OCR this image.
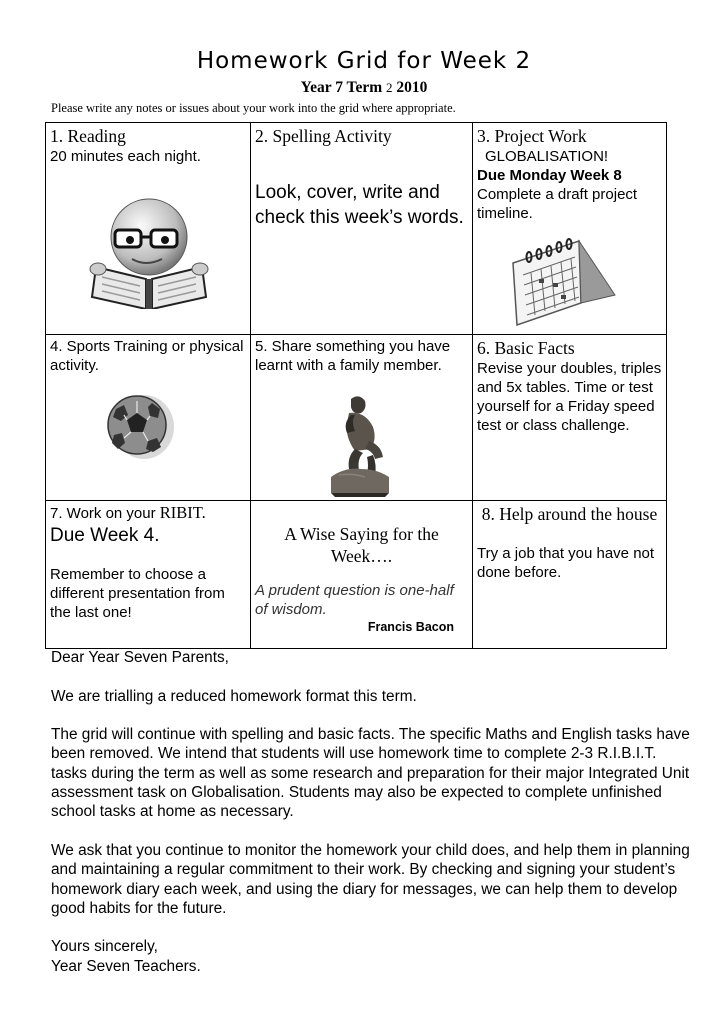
Homework Grid for Week 2
Year 7 Term 2 2010
Please write any notes or issues about your work into the grid where appropriate.
1. Reading
20 minutes each night.
2. Spelling Activity
Look, cover, write and check this week’s words.
3. Project Work
GLOBALISATION!
Due Monday Week 8
Complete a draft project timeline.
4. Sports Training or physical activity.
5. Share something you have learnt with a family member.
6. Basic Facts
Revise your doubles, triples and 5x tables. Time or test yourself for a Friday speed test or class challenge.
7. Work on your RIBIT.
Due Week 4.
Remember to choose a different presentation from the last one!
A Wise Saying for the Week….
A prudent question is one-half of wisdom.
Francis Bacon
8. Help around the house
Try a job that you have not done before.

Dear Year Seven Parents,

We are trialling a reduced homework format this term.

The grid will continue with spelling and basic facts. The specific Maths and English tasks have been removed. We intend that students will use homework time to complete 2-3 R.I.B.I.T. tasks during the term as well as some research and preparation for their major Integrated Unit assessment task on Globalisation. Students may also be expected to complete unfinished school tasks at home as necessary.

We ask that you continue to monitor the homework your child does, and help them in planning and maintaining a regular commitment to their work. By checking and signing your student’s homework diary each week, and using the diary for messages, we can help them to develop good habits for the future.

Yours sincerely,
Year Seven Teachers.
